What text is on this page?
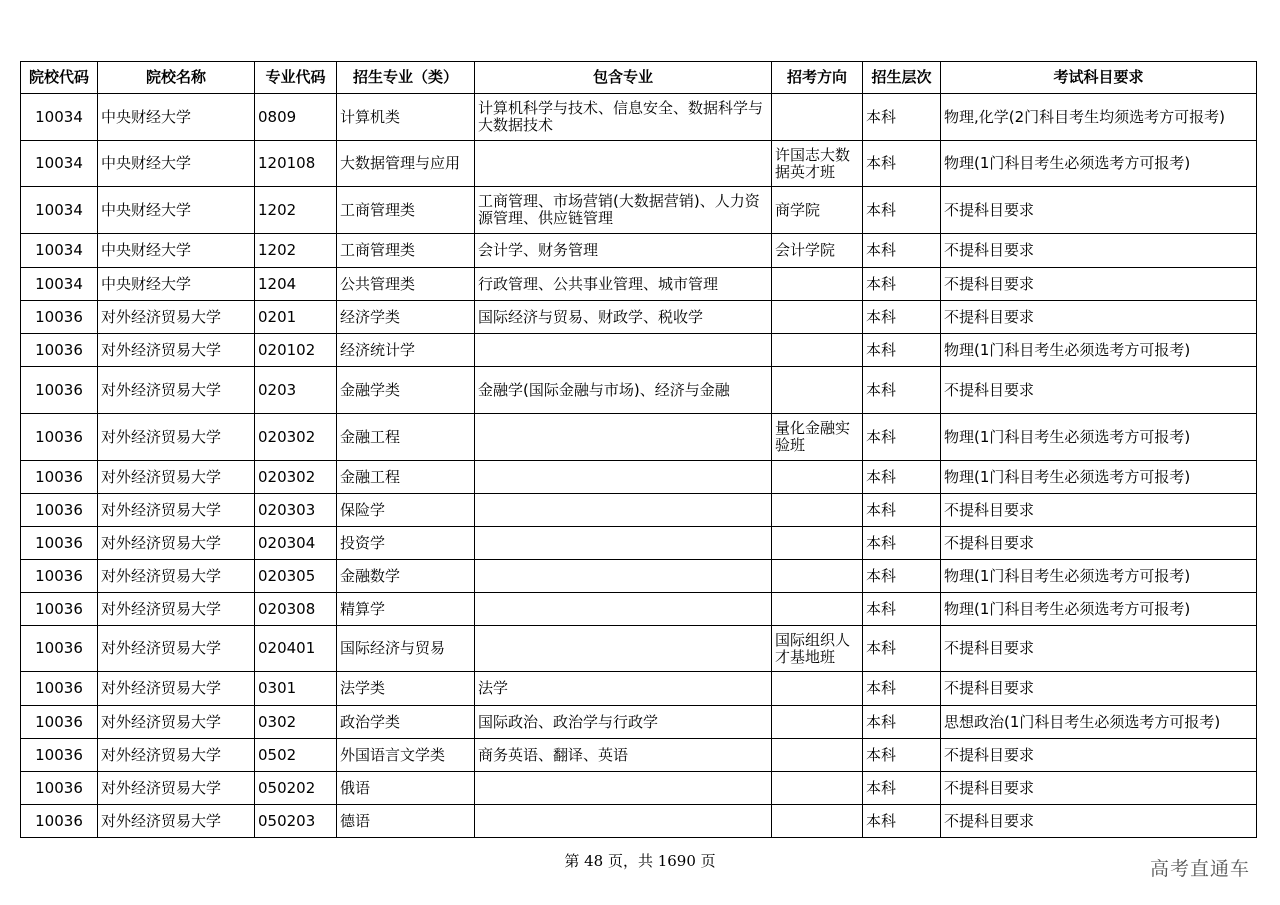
院校代码	院校名称	专业代码	招生专业（类）	包含专业	招考方向	招生层次	考试科目要求
10034	中央财经大学	0809	计算机类	计算机科学与技术、信息安全、数据科学与大数据技术		本科	物理,化学(2门科目考生均须选考方可报考)
10034	中央财经大学	120108	大数据管理与应用		许国志大数据英才班	本科	物理(1门科目考生必须选考方可报考)
10034	中央财经大学	1202	工商管理类	工商管理、市场营销(大数据营销)、人力资源管理、供应链管理	商学院	本科	不提科目要求
10034	中央财经大学	1202	工商管理类	会计学、财务管理	会计学院	本科	不提科目要求
10034	中央财经大学	1204	公共管理类	行政管理、公共事业管理、城市管理		本科	不提科目要求
10036	对外经济贸易大学	0201	经济学类	国际经济与贸易、财政学、税收学		本科	不提科目要求
10036	对外经济贸易大学	020102	经济统计学			本科	物理(1门科目考生必须选考方可报考)
10036	对外经济贸易大学	0203	金融学类	金融学(国际金融与市场)、经济与金融		本科	不提科目要求
10036	对外经济贸易大学	020302	金融工程		量化金融实验班	本科	物理(1门科目考生必须选考方可报考)
10036	对外经济贸易大学	020302	金融工程			本科	物理(1门科目考生必须选考方可报考)
10036	对外经济贸易大学	020303	保险学			本科	不提科目要求
10036	对外经济贸易大学	020304	投资学			本科	不提科目要求
10036	对外经济贸易大学	020305	金融数学			本科	物理(1门科目考生必须选考方可报考)
10036	对外经济贸易大学	020308	精算学			本科	物理(1门科目考生必须选考方可报考)
10036	对外经济贸易大学	020401	国际经济与贸易		国际组织人才基地班	本科	不提科目要求
10036	对外经济贸易大学	0301	法学类	法学		本科	不提科目要求
10036	对外经济贸易大学	0302	政治学类	国际政治、政治学与行政学		本科	思想政治(1门科目考生必须选考方可报考)
10036	对外经济贸易大学	0502	外国语言文学类	商务英语、翻译、英语		本科	不提科目要求
10036	对外经济贸易大学	050202	俄语			本科	不提科目要求
10036	对外经济贸易大学	050203	德语			本科	不提科目要求
第 48 页，共 1690 页	高考直通车
